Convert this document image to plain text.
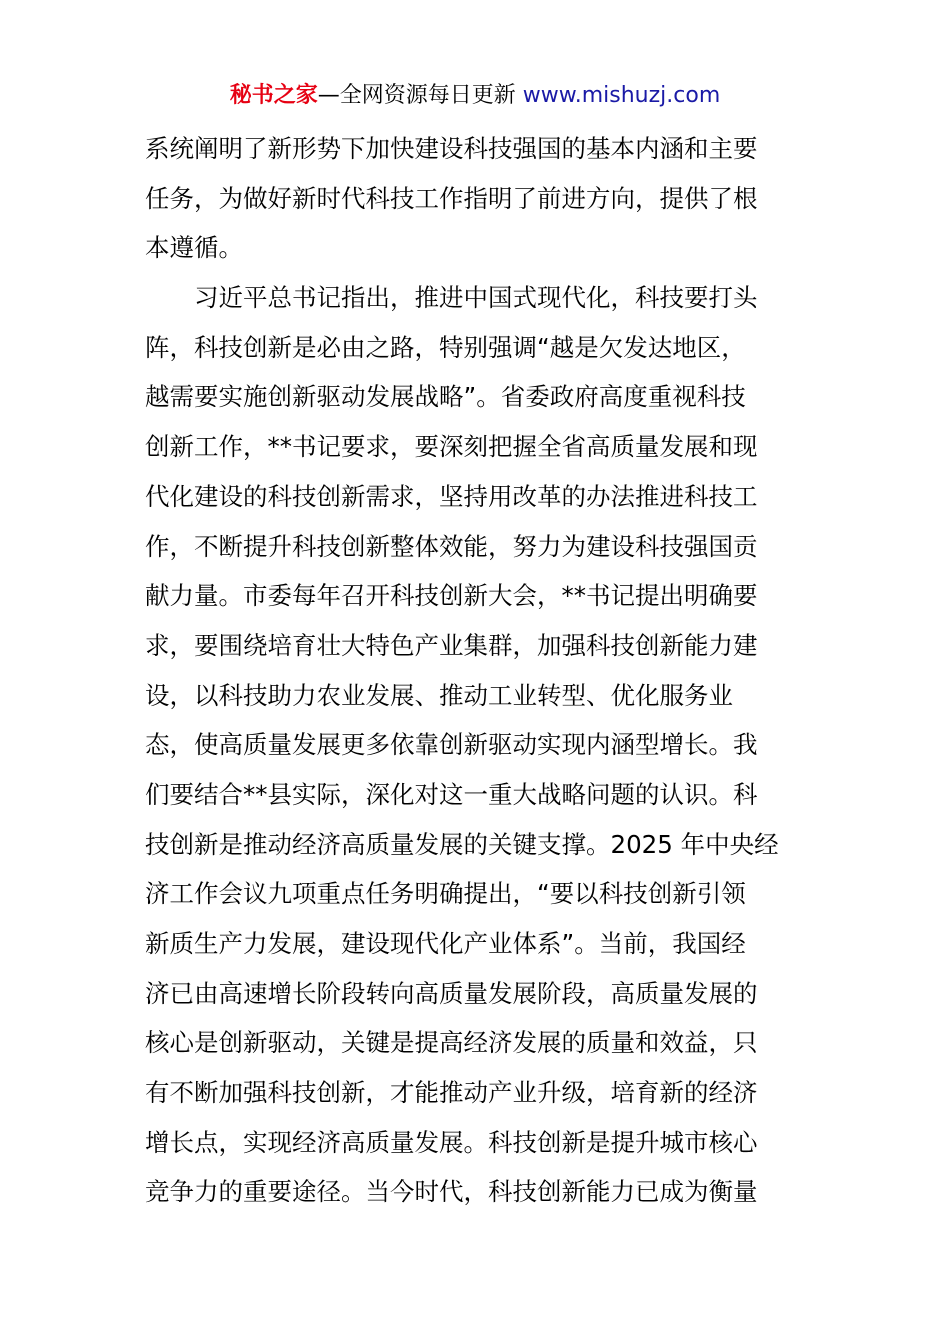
秘书之家—全网资源每日更新 www.mishuzj.com
系统阐明了新形势下加快建设科技强国的基本内涵和主要
任务，为做好新时代科技工作指明了前进方向，提供了根
本遵循。
习近平总书记指出，推进中国式现代化，科技要打头
阵，科技创新是必由之路，特别强调“越是欠发达地区，
越需要实施创新驱动发展战略”。省委政府高度重视科技
创新工作，**书记要求，要深刻把握全省高质量发展和现
代化建设的科技创新需求，坚持用改革的办法推进科技工
作，不断提升科技创新整体效能，努力为建设科技强国贡
献力量。市委每年召开科技创新大会，**书记提出明确要
求，要围绕培育壮大特色产业集群，加强科技创新能力建
设，以科技助力农业发展、推动工业转型、优化服务业
态，使高质量发展更多依靠创新驱动实现内涵型增长。我
们要结合**县实际，深化对这一重大战略问题的认识。科
技创新是推动经济高质量发展的关键支撑。2025 年中央经
济工作会议九项重点任务明确提出，“要以科技创新引领
新质生产力发展，建设现代化产业体系”。当前，我国经
济已由高速增长阶段转向高质量发展阶段，高质量发展的
核心是创新驱动，关键是提高经济发展的质量和效益，只
有不断加强科技创新，才能推动产业升级，培育新的经济
增长点，实现经济高质量发展。科技创新是提升城市核心
竞争力的重要途径。当今时代，科技创新能力已成为衡量
